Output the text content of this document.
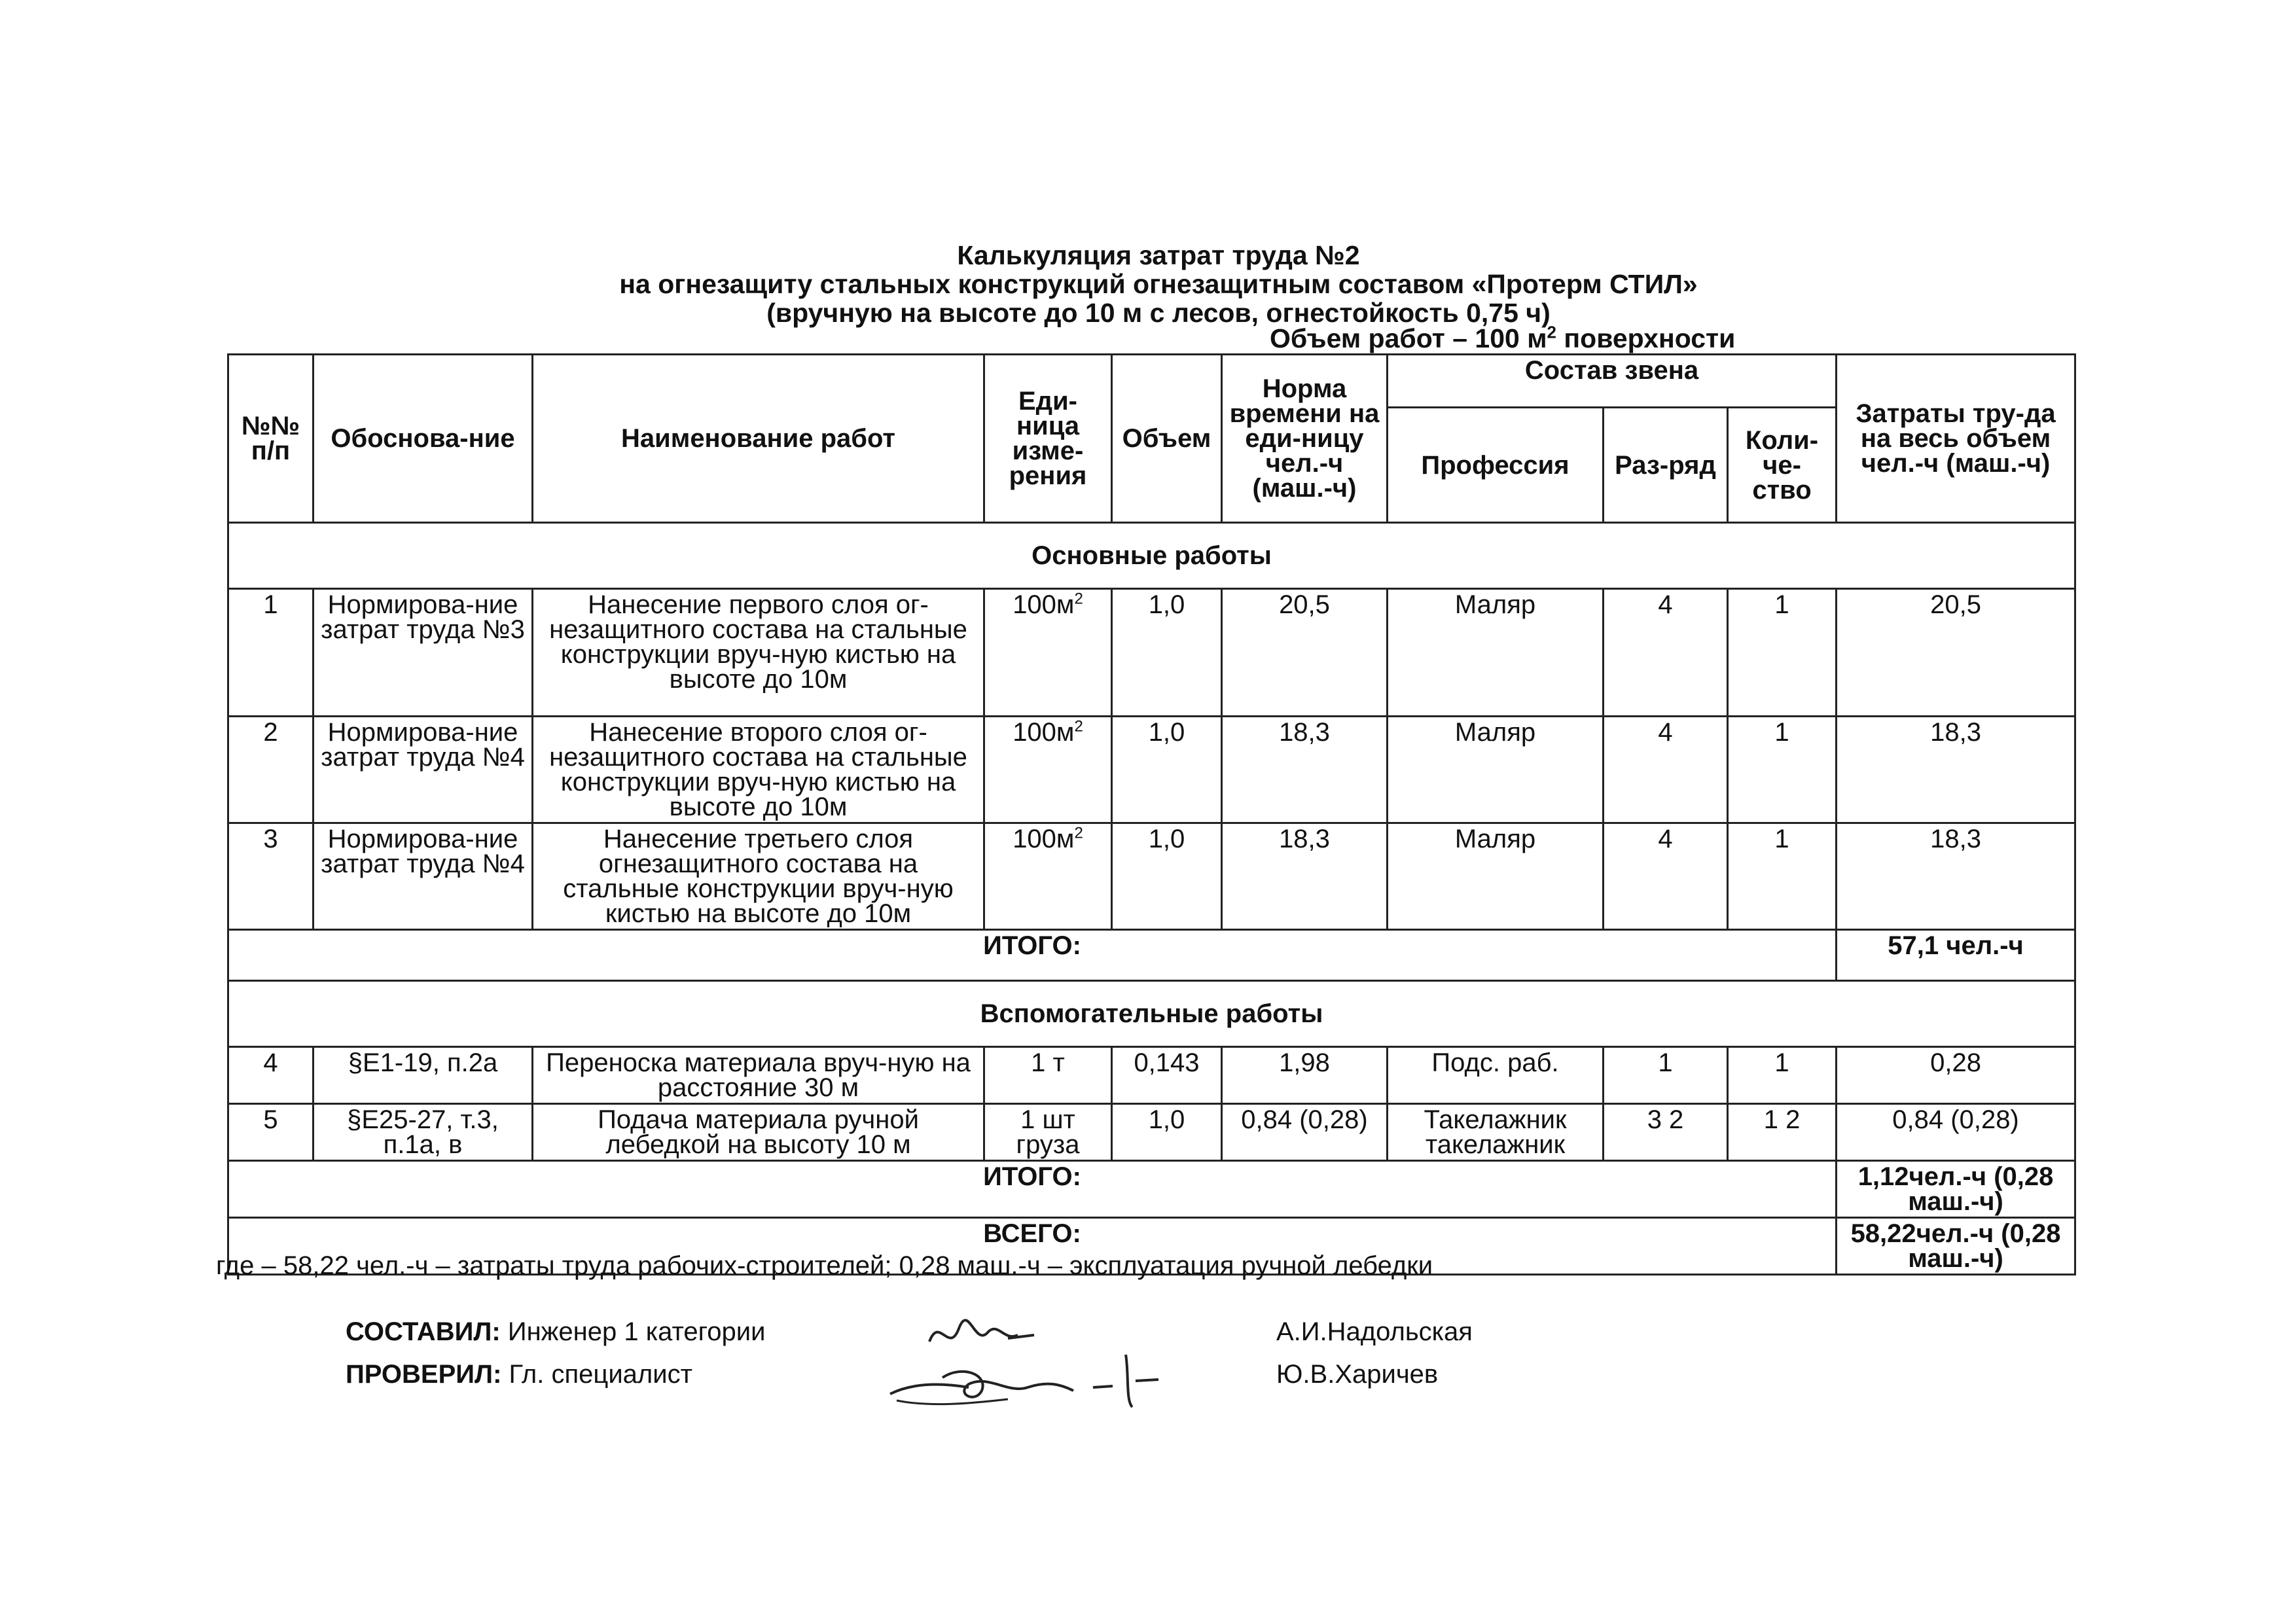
Калькуляция затрат труда №2
на огнезащиту стальных конструкций огнезащитным составом «Протерм СТИЛ»
(вручную на высоте до 10 м с лесов, огнестойкость 0,75 ч)
Объем работ – 100 $м^2$ поверхности
№№ п/п	Обоснова-ние	Наименование работ	Еди-ница изме-рения	Объем	Норма времени на еди-ницу чел.-ч (маш.-ч)	Состав звена			Затраты тру-да на весь объем чел.-ч (маш.-ч)
						Профессия	Раз-ряд	Коли-че-ство	
Основные работы									
1	Нормирова-ние затрат труда №3	Нанесение первого слоя ог-незащитного состава на стальные конструкции вруч-ную кистью на высоте до 10м	$100м^2$	1,0	20,5	Маляр	4	1	20,5
2	Нормирова-ние затрат труда №4	Нанесение второго слоя ог-незащитного состава на стальные конструкции вруч-ную кистью на высоте до 10м	$100м^2$	1,0	18,3	Маляр	4	1	18,3
3	Нормирова-ние затрат труда №4	Нанесение третьего слоя огнезащитного состава на стальные конструкции вруч-ную кистью на высоте до 10м	$100м^2$	1,0	18,3	Маляр	4	1	18,3
ИТОГО:									57,1 чел.-ч
Вспомогательные работы									
4	§Е1-19, п.2а	Переноска материала вруч-ную на расстояние 30 м	1 т	0,143	1,98	Подс. раб.	1	1	0,28
5	§Е25-27, т.3, п.1а, в	Подача материала ручной лебедкой на высоту 10 м	1 шт груза	1,0	0,84 (0,28)	Такелажник такелажник	3 2	1 2	0,84 (0,28)
ИТОГО:									1,12чел.-ч (0,28 маш.-ч)
ВСЕГО:									58,22чел.-ч (0,28 маш.-ч)
где – 58,22 чел.-ч – затраты труда рабочих-строителей; 0,28 маш.-ч – эксплуатация ручной лебедки
СОСТАВИЛ: Инженер 1 категории	А.И.Надольская
ПРОВЕРИЛ: Гл. специалист	Ю.В.Харичев
